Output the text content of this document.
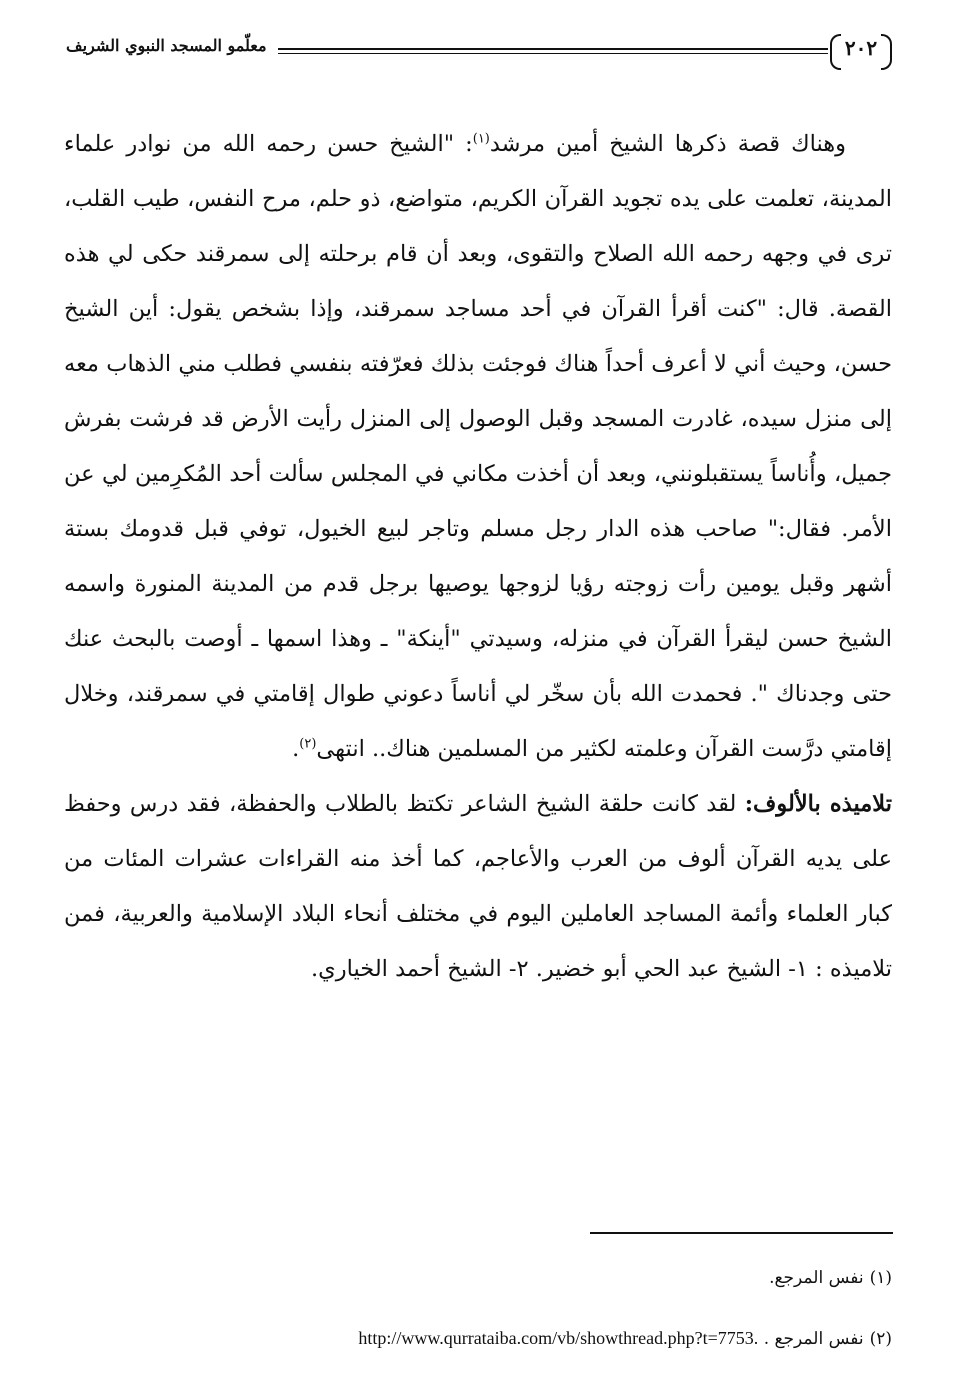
٢٠٢
معلّمو المسجد النبوي الشريف

وهناك قصة ذكرها الشيخ أمين مرشد$^{(١)}$: "الشيخ حسن رحمه الله من نوادر علماء المدينة، تعلمت على يده تجويد القرآن الكريم، متواضع، ذو حلم، مرح النفس، طيب القلب، ترى في وجهه رحمه الله الصلاح والتقوى، وبعد أن قام برحلته إلى سمرقند حكى لي هذه القصة. قال: "كنت أقرأ القرآن في أحد مساجد سمرقند، وإذا بشخص يقول: أين الشيخ حسن، وحيث أني لا أعرف أحداً هناك فوجئت بذلك فعرّفته بنفسي فطلب مني الذهاب معه إلى منزل سيده، غادرت المسجد وقبل الوصول إلى المنزل رأيت الأرض قد فرشت بفرش جميل، وأُناساً يستقبلونني، وبعد أن أخذت مكاني في المجلس سألت أحد المُكرِمين لي عن الأمر. فقال:" صاحب هذه الدار رجل مسلم وتاجر لبيع الخيول، توفي قبل قدومك بستة أشهر وقبل يومين رأت زوجته رؤيا لزوجها يوصيها برجل قدم من المدينة المنورة واسمه الشيخ حسن ليقرأ القرآن في منزله، وسيدتي "أينكة" ـ وهذا اسمها ـ أوصت بالبحث عنك حتى وجدناك ". فحمدت الله بأن سخّر لي أناساً دعوني طوال إقامتي في سمرقند، وخلال إقامتي درَّست القرآن وعلمته لكثير من المسلمين هناك.. انتهى$^{(٢)}$.

تلاميذه بالألوف: لقد كانت حلقة الشيخ الشاعر تكتظ بالطلاب والحفظة، فقد درس وحفظ على يديه القرآن ألوف من العرب والأعاجم، كما أخذ منه القراءات عشرات المئات من كبار العلماء وأئمة المساجد العاملين اليوم في مختلف أنحاء البلاد الإسلامية والعربية، فمن تلاميذه : ١- الشيخ عبد الحي أبو خضير. ٢- الشيخ أحمد الخياري.

(١)نفس المرجع.

(٢)نفس المرجع . http://www.qurrataiba.com/vb/showthread.php?t=7753.
